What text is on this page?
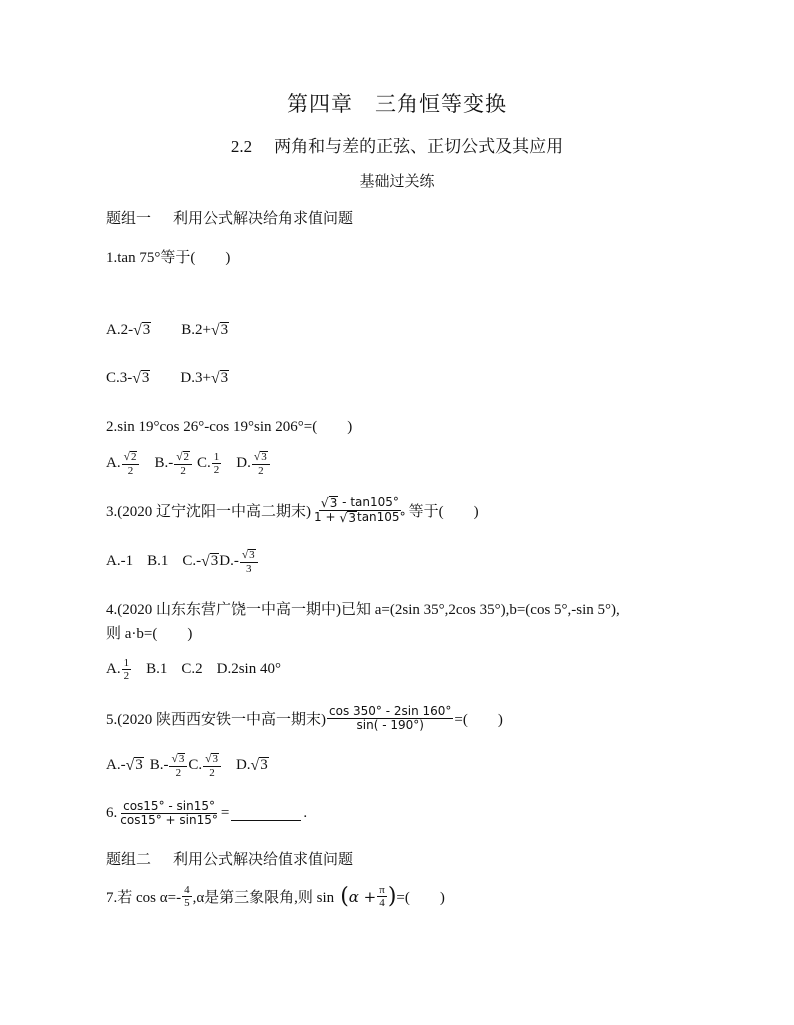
第四章　三角恒等变换
2.2 两角和与差的正弦、正切公式及其应用
基础过关练
题组一 利用公式解决给角求值问题
1.tan 75°等于(　　)
A.2- √ 3 B.2+ √ 3
C.3- √ 3 D.3+ √ 3
2.sin 19°cos 26°-cos 19°sin 206°=(　　)
A. $\frac{√ 2}{2} B.- \frac{√ 2}{2} C$. $\frac{1}{2} D$. $\frac{√ 3}{2}$
3.(2020 辽宁沈阳一中高二期末) $\frac{√ 3 - \tan 105^\circ}{1 + √ 3 \tan 105^\circ}$ 等于(　　)
A.-1 B.1 C.- √ 3 $D.- \frac{√ 3}{3}$
4.(2020 山东东营广饶一中高一期中)已知 a=(2sin 35°,2cos 35°),b=(cos 5°,-sin 5°),
则 a·b=(　　)
A. $\frac{1}{2} B.1$ C.2 D.2sin 40°
5.(2020 陕西西安铁一中高一期末) $\frac{\cos 350^\circ - 2\sin 160^\circ}{\sin( - 190^\circ)}$ =(　　)
A.- √ 3 $B.- \frac{√ 3}{2} C$. $\frac{√ 3}{2} D$. √ 3
6. $\frac{\cos 15^\circ - \sin 15^\circ}{\cos 15^\circ + \sin 15^\circ}$ =	.
题组二 利用公式解决给值求值问题
7.若 $\cos \alpha=- \frac{4}{5} ,\alpha$是第三象限角,则 sin ( $\alpha + \frac{\pi}{4}$ ) =(　　)
